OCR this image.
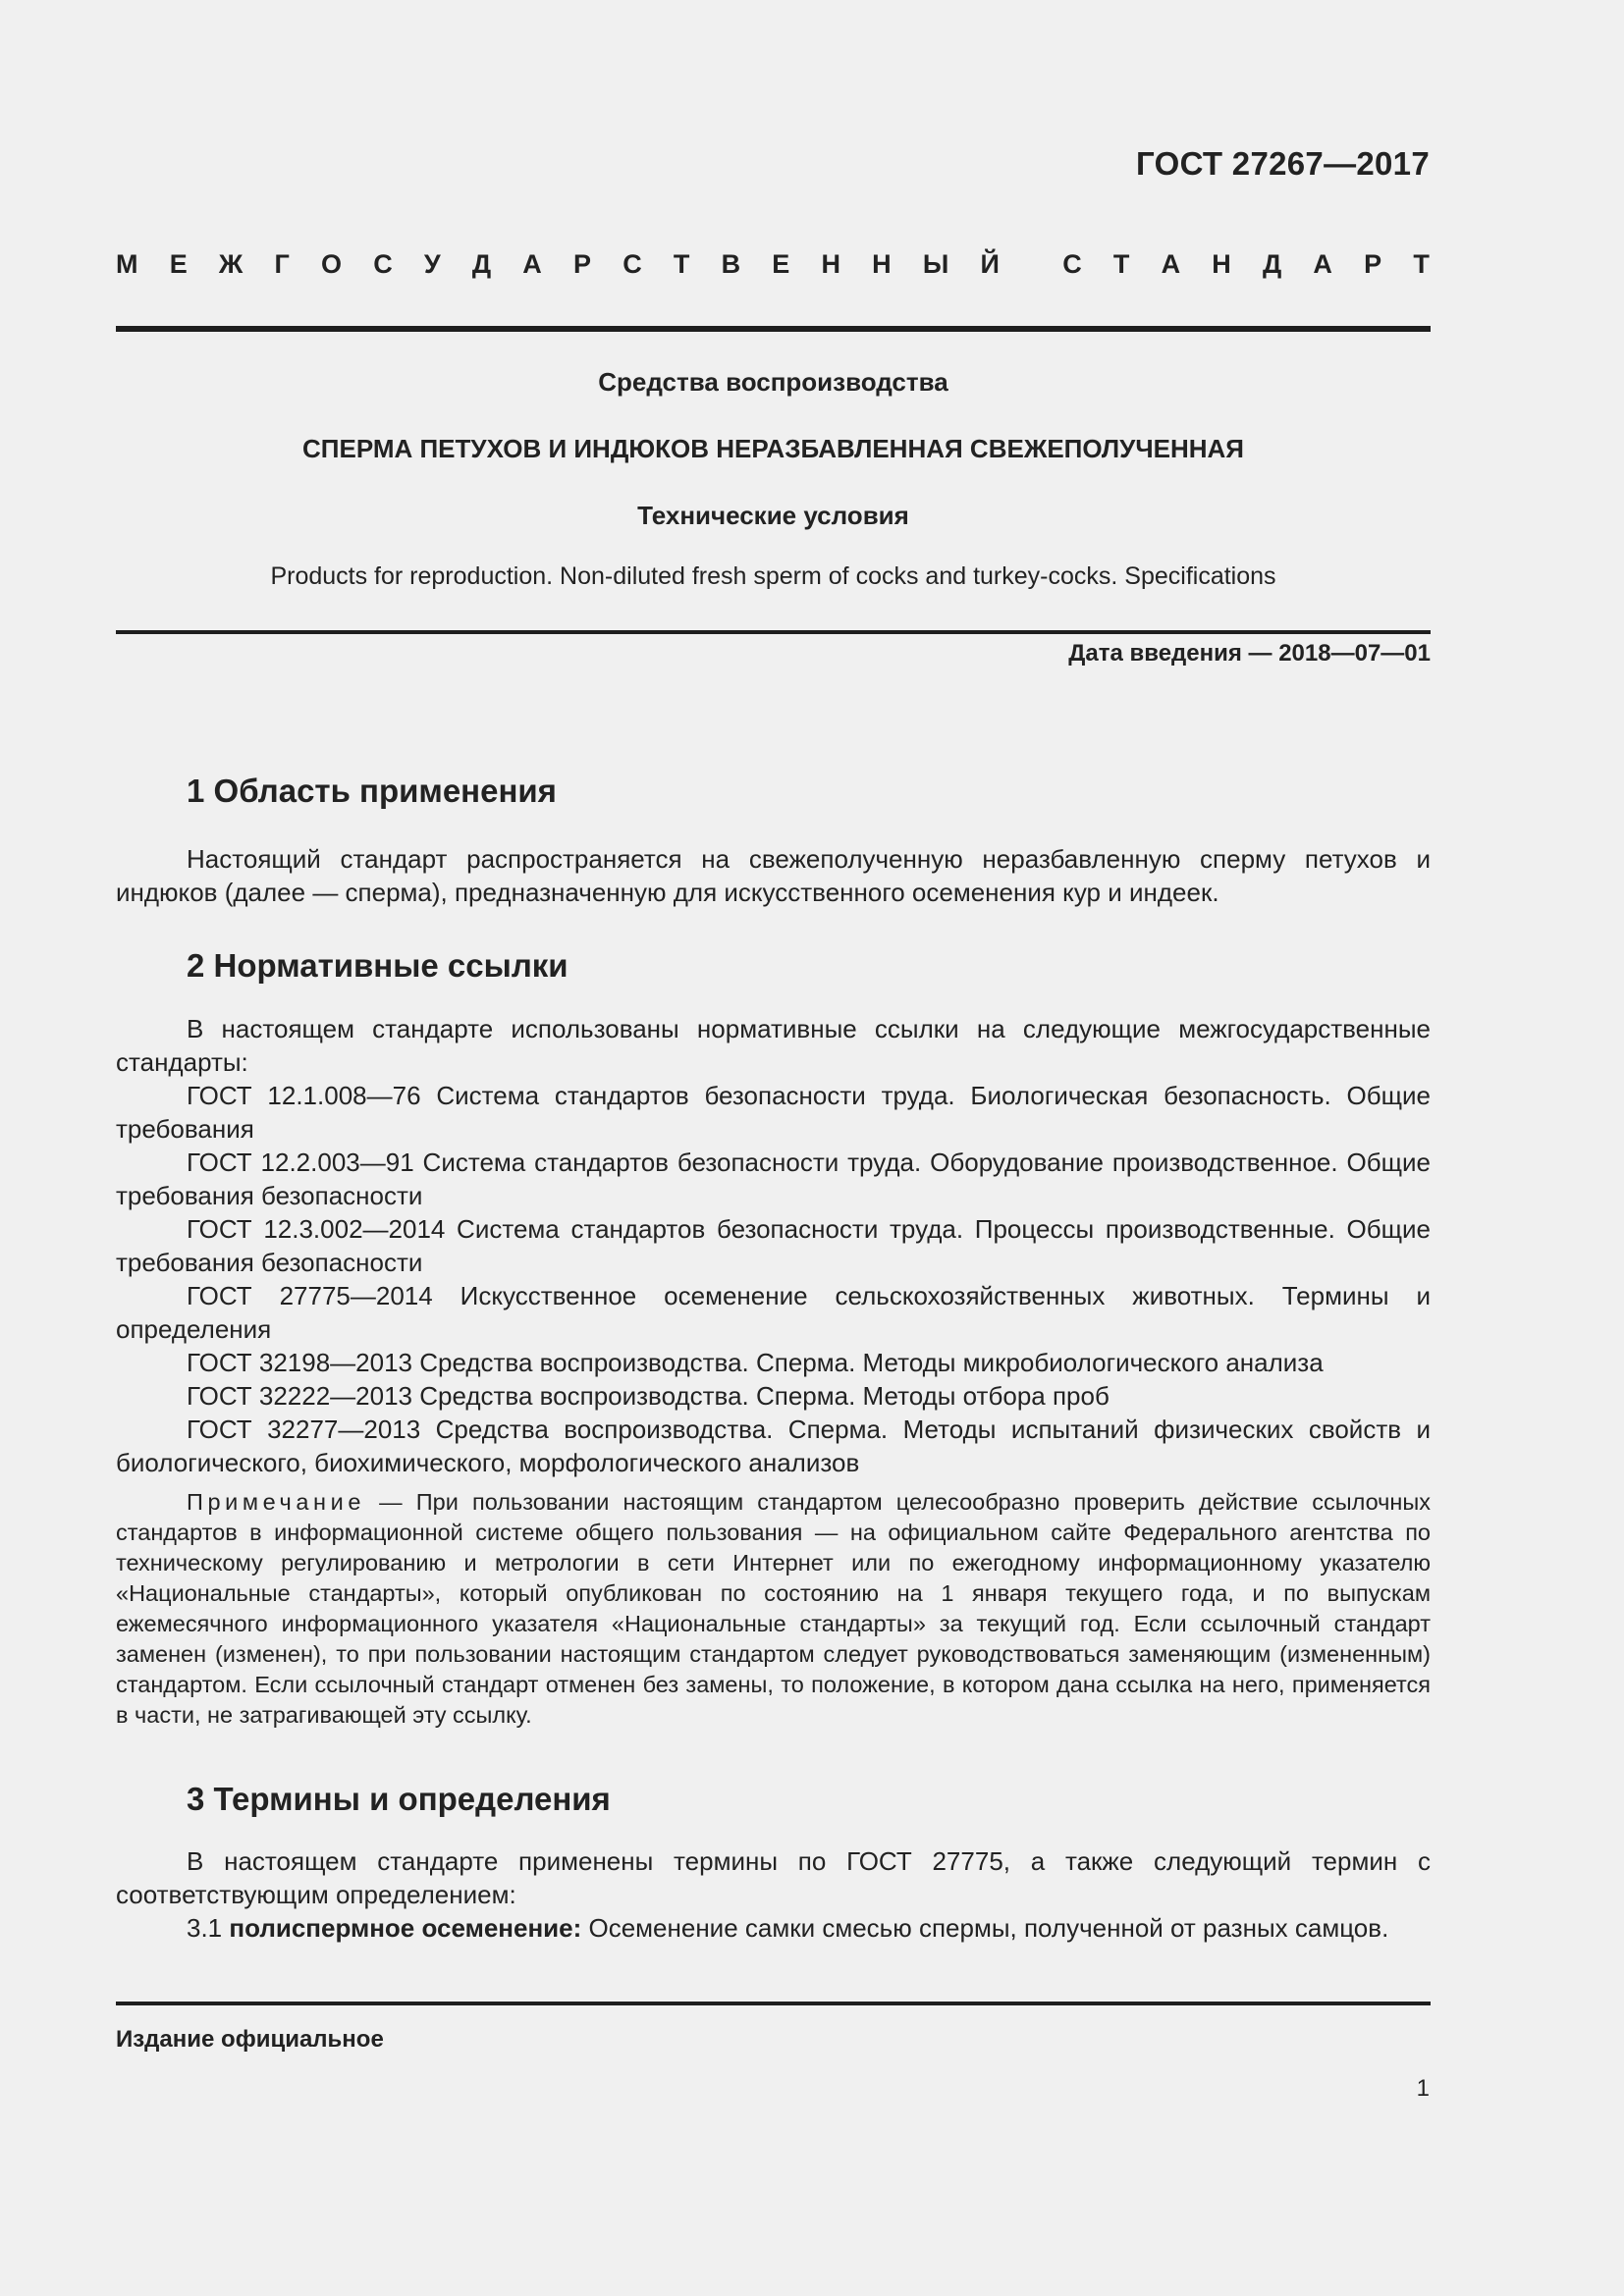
ГОСТ 27267—2017
М Е Ж Г О С У Д А Р С Т В Е Н Н Ы Й С Т А Н Д А Р Т
Средства воспроизводства
СПЕРМА ПЕТУХОВ И ИНДЮКОВ НЕРАЗБАВЛЕННАЯ СВЕЖЕПОЛУЧЕННАЯ
Технические условия
Products for reproduction. Non-diluted fresh sperm of cocks and turkey-cocks. Specifications
Дата введения — 2018—07—01
1 Область применения

Настоящий стандарт распространяется на свежеполученную неразбавленную сперму петухов и индюков (далее — сперма), предназначенную для искусственного осеменения кур и индеек.

2 Нормативные ссылки

В настоящем стандарте использованы нормативные ссылки на следующие межгосударственные стандарты:

ГОСТ 12.1.008—76 Система стандартов безопасности труда. Биологическая безопасность. Общие требования

ГОСТ 12.2.003—91 Система стандартов безопасности труда. Оборудование производственное. Общие требования безопасности

ГОСТ 12.3.002—2014 Система стандартов безопасности труда. Процессы производственные. Общие требования безопасности

ГОСТ 27775—2014 Искусственное осеменение сельскохозяйственных животных. Термины и определения

ГОСТ 32198—2013 Средства воспроизводства. Сперма. Методы микробиологического анализа

ГОСТ 32222—2013 Средства воспроизводства. Сперма. Методы отбора проб

ГОСТ 32277—2013 Средства воспроизводства. Сперма. Методы испытаний физических свойств и биологического, биохимического, морфологического анализов

Примечание — При пользовании настоящим стандартом целесообразно проверить действие ссылочных стандартов в информационной системе общего пользования — на официальном сайте Федерального агентства по техническому регулированию и метрологии в сети Интернет или по ежегодному информационному указателю «Национальные стандарты», который опубликован по состоянию на 1 января текущего года, и по выпускам ежемесячного информационного указателя «Национальные стандарты» за текущий год. Если ссылочный стандарт заменен (изменен), то при пользовании настоящим стандартом следует руководствоваться заменяющим (измененным) стандартом. Если ссылочный стандарт отменен без замены, то положение, в котором дана ссылка на него, применяется в части, не затрагивающей эту ссылку.

3 Термины и определения

В настоящем стандарте применены термины по ГОСТ 27775, а также следующий термин с соответствующим определением:

3.1 полиспермное осеменение: Осеменение самки смесью спермы, полученной от разных самцов.

Издание официальное
1
